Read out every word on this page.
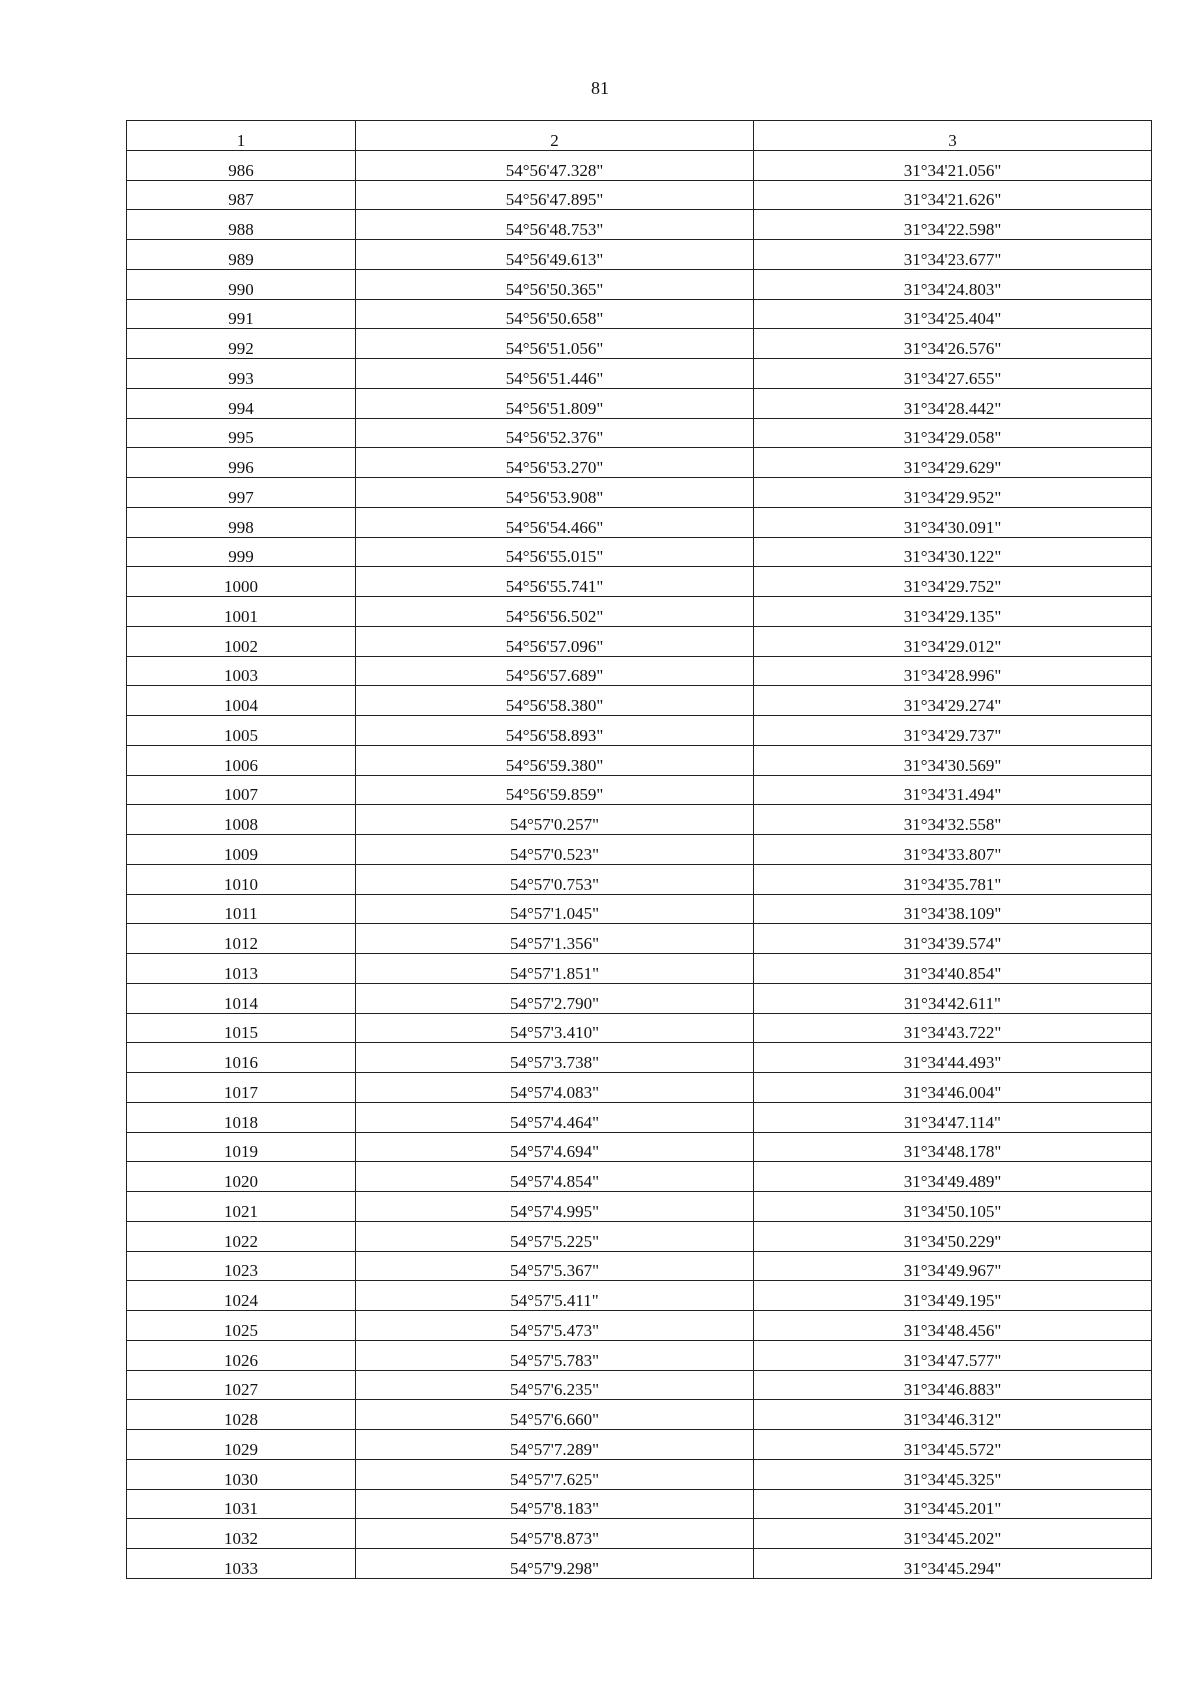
81
1	2	3
986	54°56'47.328"	31°34'21.056"
987	54°56'47.895"	31°34'21.626"
988	54°56'48.753"	31°34'22.598"
989	54°56'49.613"	31°34'23.677"
990	54°56'50.365"	31°34'24.803"
991	54°56'50.658"	31°34'25.404"
992	54°56'51.056"	31°34'26.576"
993	54°56'51.446"	31°34'27.655"
994	54°56'51.809"	31°34'28.442"
995	54°56'52.376"	31°34'29.058"
996	54°56'53.270"	31°34'29.629"
997	54°56'53.908"	31°34'29.952"
998	54°56'54.466"	31°34'30.091"
999	54°56'55.015"	31°34'30.122"
1000	54°56'55.741"	31°34'29.752"
1001	54°56'56.502"	31°34'29.135"
1002	54°56'57.096"	31°34'29.012"
1003	54°56'57.689"	31°34'28.996"
1004	54°56'58.380"	31°34'29.274"
1005	54°56'58.893"	31°34'29.737"
1006	54°56'59.380"	31°34'30.569"
1007	54°56'59.859"	31°34'31.494"
1008	54°57'0.257"	31°34'32.558"
1009	54°57'0.523"	31°34'33.807"
1010	54°57'0.753"	31°34'35.781"
1011	54°57'1.045"	31°34'38.109"
1012	54°57'1.356"	31°34'39.574"
1013	54°57'1.851"	31°34'40.854"
1014	54°57'2.790"	31°34'42.611"
1015	54°57'3.410"	31°34'43.722"
1016	54°57'3.738"	31°34'44.493"
1017	54°57'4.083"	31°34'46.004"
1018	54°57'4.464"	31°34'47.114"
1019	54°57'4.694"	31°34'48.178"
1020	54°57'4.854"	31°34'49.489"
1021	54°57'4.995"	31°34'50.105"
1022	54°57'5.225"	31°34'50.229"
1023	54°57'5.367"	31°34'49.967"
1024	54°57'5.411"	31°34'49.195"
1025	54°57'5.473"	31°34'48.456"
1026	54°57'5.783"	31°34'47.577"
1027	54°57'6.235"	31°34'46.883"
1028	54°57'6.660"	31°34'46.312"
1029	54°57'7.289"	31°34'45.572"
1030	54°57'7.625"	31°34'45.325"
1031	54°57'8.183"	31°34'45.201"
1032	54°57'8.873"	31°34'45.202"
1033	54°57'9.298"	31°34'45.294"
